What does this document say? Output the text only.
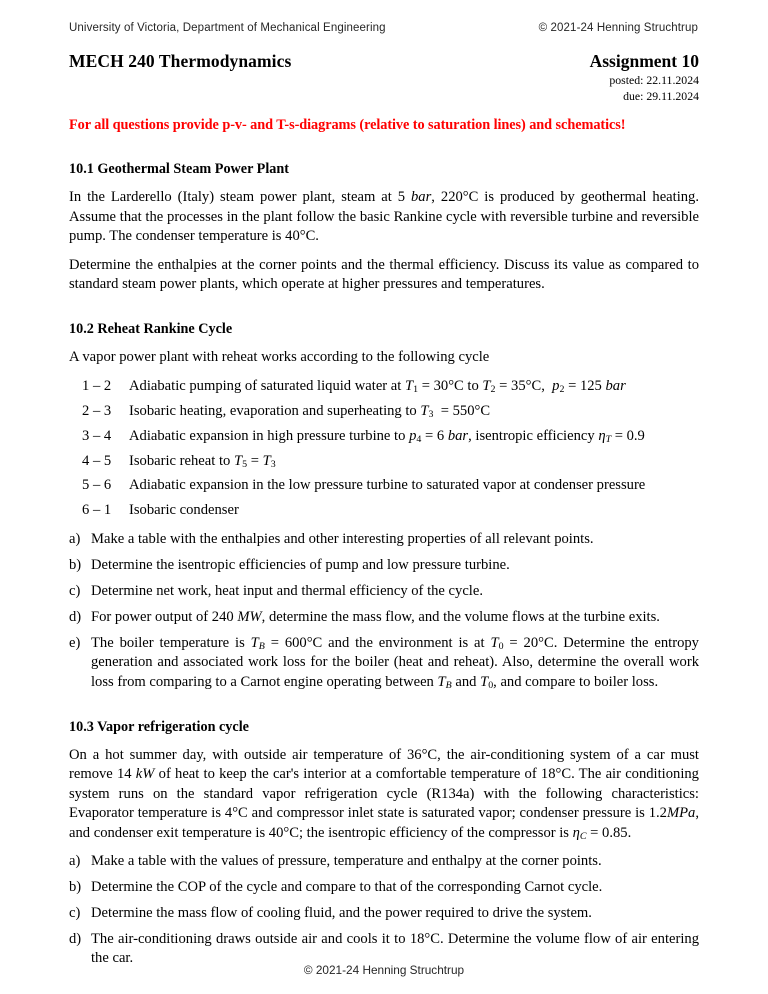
University of Victoria, Department of Mechanical Engineering	© 2021-24 Henning Struchtrup
MECH 240 Thermodynamics	Assignment 10
posted: 22.11.2024
due: 29.11.2024
For all questions provide p-v- and T-s-diagrams (relative to saturation lines) and schematics!
10.1 Geothermal Steam Power Plant

In the Larderello (Italy) steam power plant, steam at 5 bar, 220°C is produced by geothermal heating. Assume that the processes in the plant follow the basic Rankine cycle with reversible turbine and reversible pump. The condenser temperature is 40°C.

Determine the enthalpies at the corner points and the thermal efficiency. Discuss its value as compared to standard steam power plants, which operate at higher pressures and temperatures.

10.2 Reheat Rankine Cycle

A vapor power plant with reheat works according to the following cycle

1 – 2	Adiabatic pumping of saturated liquid water at $T_1 = 30^\circ C$ to $T_2 = 35^\circ C$,  $p_2 = 125$ bar
2 – 3	Isobaric heating, evaporation and superheating to $T_3 = 550^\circ C$
3 – 4	Adiabatic expansion in high pressure turbine to $p_4 = 6$ bar, isentropic efficiency $\eta_T = 0.9$
4 – 5	Isobaric reheat to $T_5 = T_3$
5 – 6	Adiabatic expansion in the low pressure turbine to saturated vapor at condenser pressure
6 – 1	Isobaric condenser
a) Make a table with the enthalpies and other interesting properties of all relevant points.
b) Determine the isentropic efficiencies of pump and low pressure turbine.
c) Determine net work, heat input and thermal efficiency of the cycle.
d) For power output of 240 MW, determine the mass flow, and the volume flows at the turbine exits.
e) The boiler temperature is $T_B = 600^\circ C$ and the environment is at $T_0 = 20^\circ C$. Determine the entropy generation and associated work loss for the boiler (heat and reheat). Also, determine the overall work loss from comparing to a Carnot engine operating between $T_B$ and $T_0$, and compare to boiler loss.
10.3 Vapor refrigeration cycle

On a hot summer day, with outside air temperature of 36°C, the air-conditioning system of a car must remove 14 kW of heat to keep the car's interior at a comfortable temperature of 18°C. The air conditioning system runs on the standard vapor refrigeration cycle (R134a) with the following characteristics: Evaporator temperature is 4°C and compressor inlet state is saturated vapor; condenser pressure is 1.2MPa, and condenser exit temperature is 40°C; the isentropic efficiency of the compressor is $\eta_C = 0.85$.

a) Make a table with the values of pressure, temperature and enthalpy at the corner points.
b) Determine the COP of the cycle and compare to that of the corresponding Carnot cycle.
c) Determine the mass flow of cooling fluid, and the power required to drive the system.
d) The air-conditioning draws outside air and cools it to 18°C. Determine the volume flow of air entering the car.
© 2021-24 Henning Struchtrup
